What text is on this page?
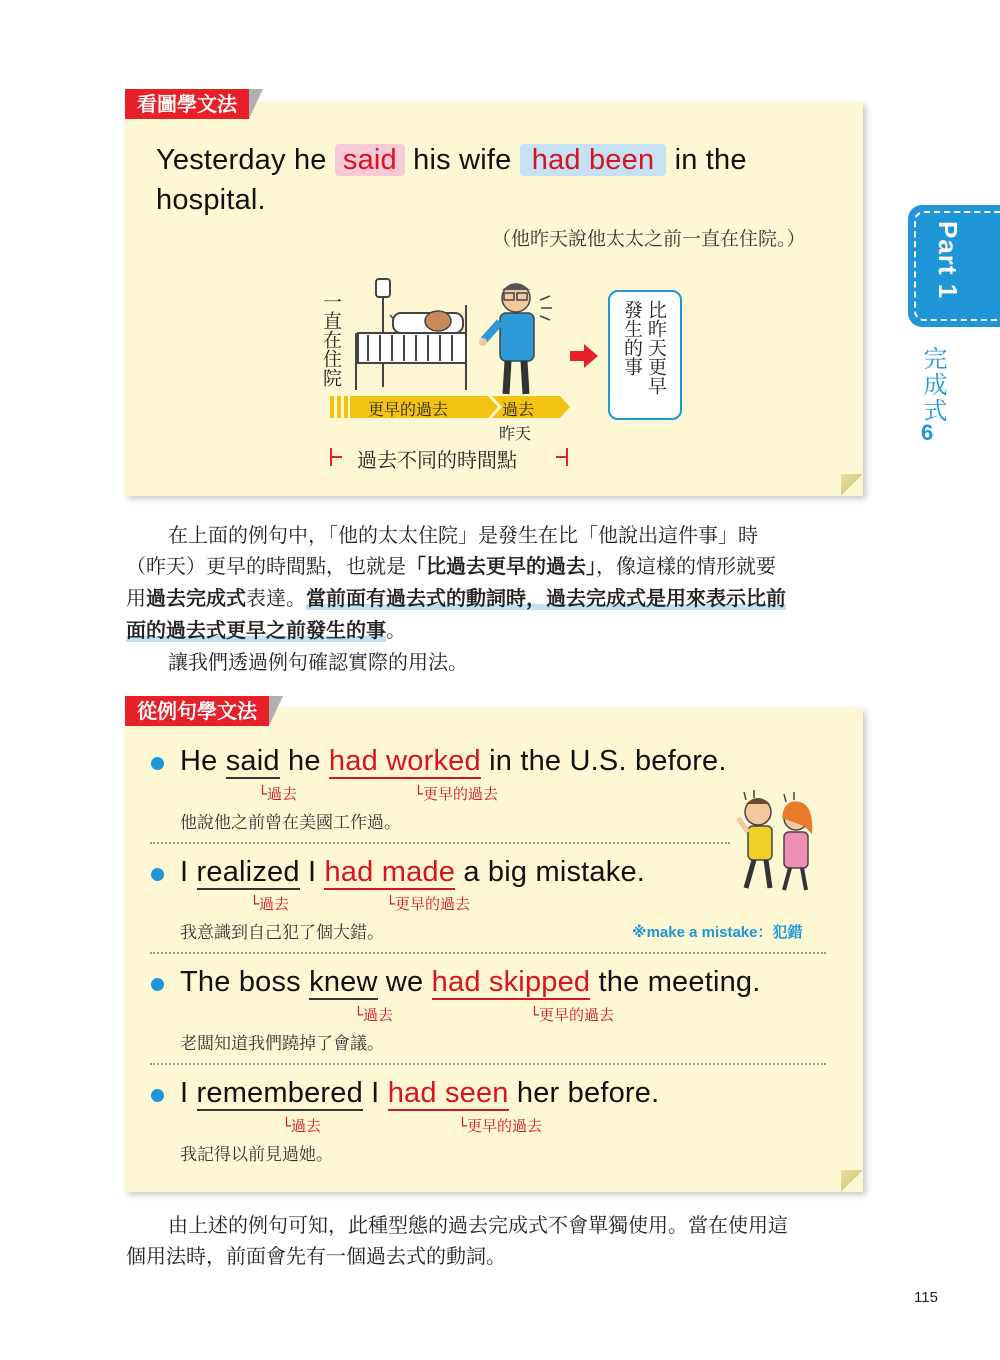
Part 1
完成式
6
看圖學文法
Yesterday he said his wife had been in the
hospital.
（他昨天說他太太之前一直在住院。）
一直在住院	比昨天更早發生的事
更早的過去	過去
昨天
過去不同的時間點
在上面的例句中，「他的太太住院」是發生在比「他說出這件事」時
（昨天）更早的時間點，也就是「比過去更早的過去」，像這樣的情形就要
用過去完成式表達。當前面有過去式的動詞時，過去完成式是用來表示比前
面的過去式更早之前發生的事。
讓我們透過例句確認實際的用法。
從例句學文法
He said he had worked in the U.S. before.
└過去	└更早的過去
他說他之前曾在美國工作過。
I realized I had made a big mistake.
└過去	└更早的過去
我意識到自己犯了個大錯。	※make a mistake：犯錯
The boss knew we had skipped the meeting.
└過去	└更早的過去
老闆知道我們蹺掉了會議。
I remembered I had seen her before.
└過去	└更早的過去
我記得以前見過她。
由上述的例句可知，此種型態的過去完成式不會單獨使用。當在使用這
個用法時，前面會先有一個過去式的動詞。
115
